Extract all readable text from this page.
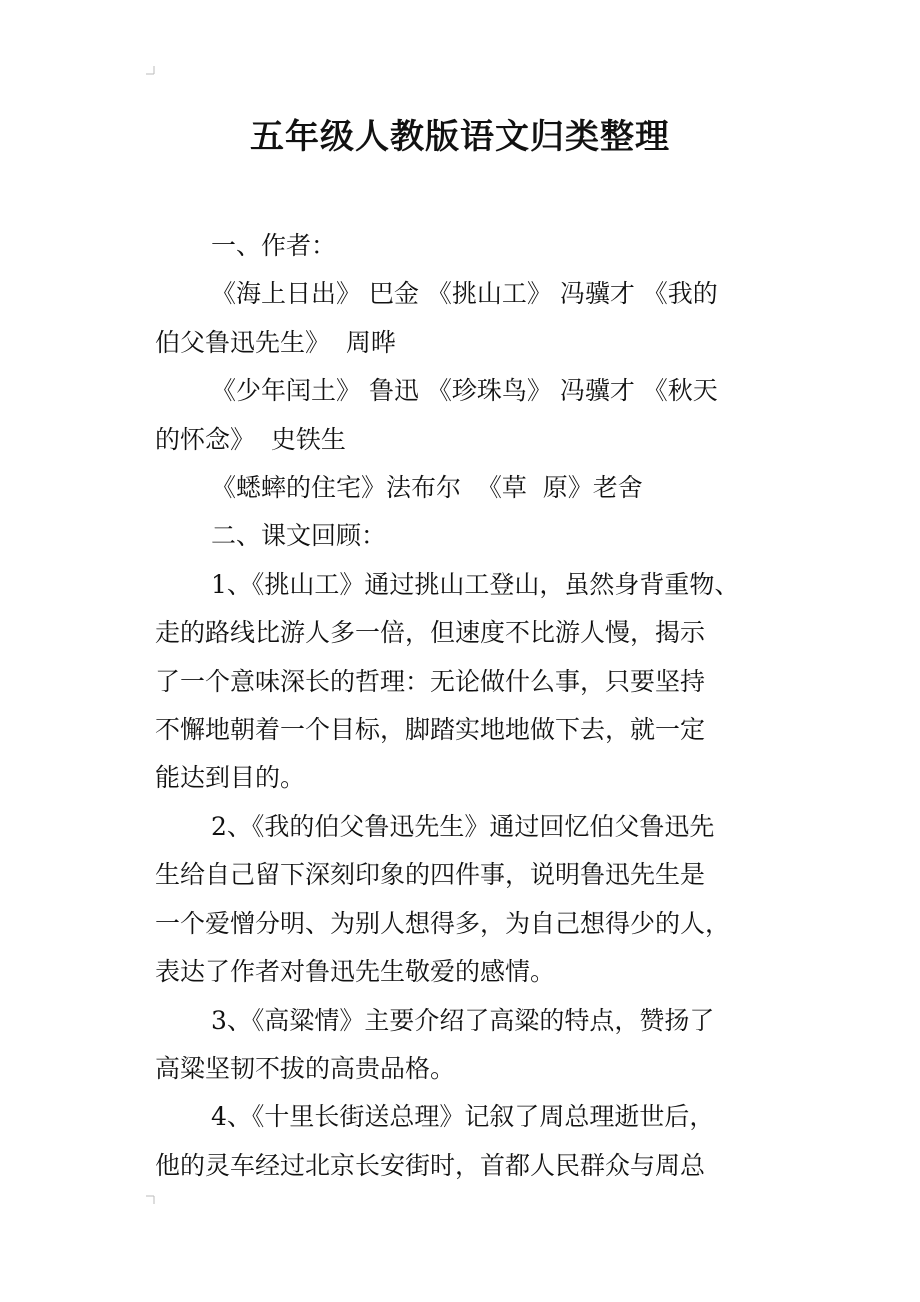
五年级人教版语文归类整理

一、作者：

《海上日出》 巴金 《挑山工》 冯骥才 《我的

伯父鲁迅先生》  周晔

《少年闰土》 鲁迅 《珍珠鸟》 冯骥才 《秋天

的怀念》  史铁生

《蟋蟀的住宅》法布尔  《草  原》老舍

二、课文回顾：

1、《挑山工》通过挑山工登山，虽然身背重物、

走的路线比游人多一倍，但速度不比游人慢，揭示

了一个意味深长的哲理：无论做什么事，只要坚持

不懈地朝着一个目标，脚踏实地地做下去，就一定

能达到目的。

2、《我的伯父鲁迅先生》通过回忆伯父鲁迅先

生给自己留下深刻印象的四件事，说明鲁迅先生是

一个爱憎分明、为别人想得多，为自己想得少的人，

表达了作者对鲁迅先生敬爱的感情。

3、《高粱情》主要介绍了高粱的特点，赞扬了

高粱坚韧不拔的高贵品格。

4、《十里长街送总理》记叙了周总理逝世后，

他的灵车经过北京长安街时，首都人民群众与周总
